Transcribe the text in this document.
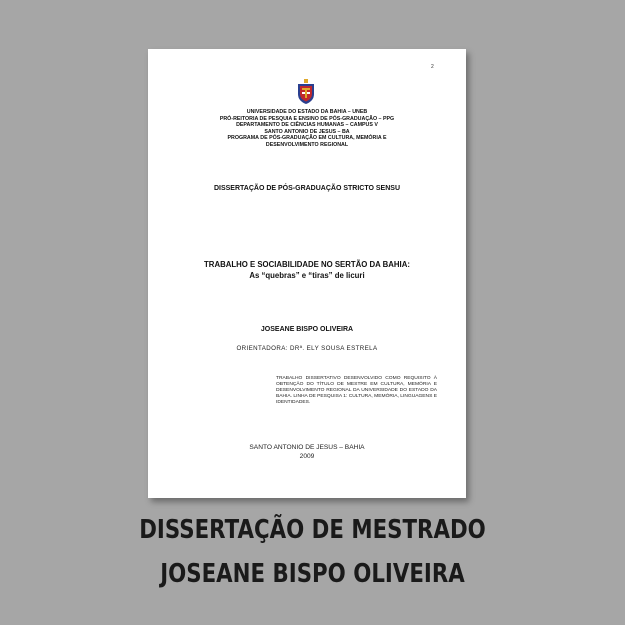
2
UNIVERSIDADE DO ESTADO DA BAHIA – UNEB
PRÓ-REITORIA DE PESQUIA E ENSINO DE PÓS-GRADUAÇÃO – PPG
DEPARTAMENTO DE CIÊNCIAS HUMANAS – CAMPUS V
SANTO ANTONIO DE JESUS – BA
PROGRAMA DE PÓS-GRADUAÇÃO EM CULTURA, MEMÓRIA E
DESENVOLVIMENTO REGIONAL
DISSERTAÇÃO DE PÓS-GRADUAÇÃO STRICTO SENSU
TRABALHO E SOCIABILIDADE NO SERTÃO DA BAHIA:
As “quebras” e “tiras” de licuri
JOSEANE BISPO OLIVEIRA
ORIENTADORA: DRª. ELY SOUSA ESTRELA
TRABALHO DISSERTATIVO DESENVOLVIDO COMO REQUISITO À OBTENÇÃO DO TÍTULO DE MESTRE EM CULTURA, MEMÓRIA E DESENVOLVIMENTO REGIONAL DA UNIVERSIDADE DO ESTADO DA BAHIA. LINHA DE PESQUISA 1: CULTURA, MEMÓRIA, LINGUAGENS E IDENTIDADES.
SANTO ANTONIO DE JESUS – BAHIA
2009
DISSERTAÇÃO DE MESTRADO
JOSEANE BISPO OLIVEIRA
